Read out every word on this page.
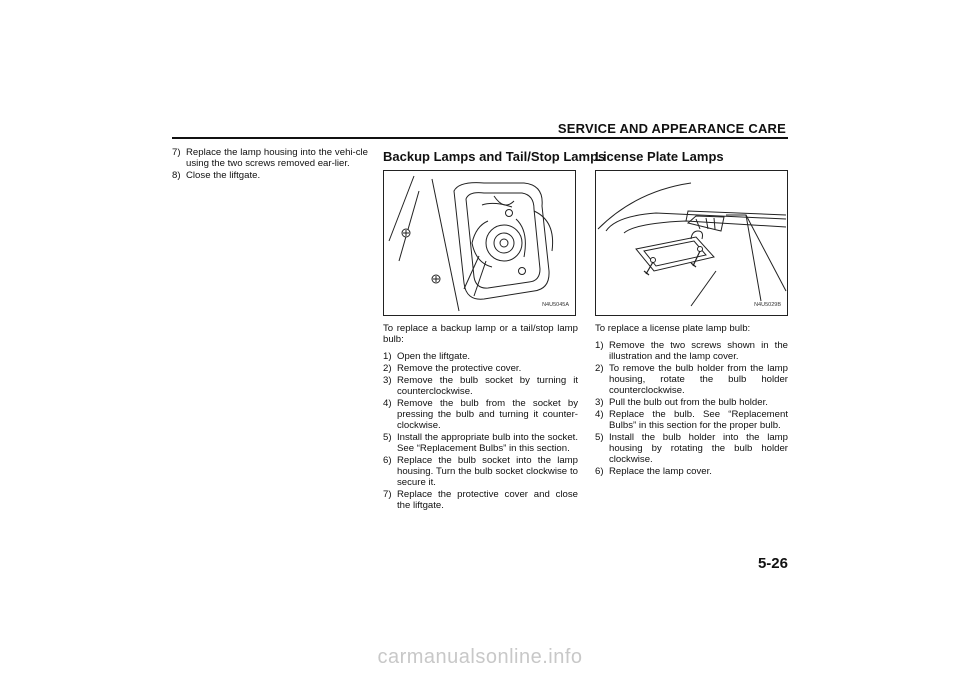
SERVICE AND APPEARANCE CARE
7) Replace the lamp housing into the vehi-cle using the two screws removed ear-lier.
8) Close the liftgate.
Backup Lamps and Tail/Stop Lamps
N4U5045A
To replace a backup lamp or a tail/stop lamp bulb:
1) Open the liftgate.
2) Remove the protective cover.
3) Remove the bulb socket by turning it counterclockwise.
4) Remove the bulb from the socket by pressing the bulb and turning it counter-clockwise.
5) Install the appropriate bulb into the socket. See “Replacement Bulbs” in this section.
6) Replace the bulb socket into the lamp housing. Turn the bulb socket clockwise to secure it.
7) Replace the protective cover and close the liftgate.
License Plate Lamps
N4U5029B
To replace a license plate lamp bulb:
1) Remove the two screws shown in the illustration and the lamp cover.
2) To remove the bulb holder from the lamp housing, rotate the bulb holder counterclockwise.
3) Pull the bulb out from the bulb holder.
4) Replace the bulb. See “Replacement Bulbs” in this section for the proper bulb.
5) Install the bulb holder into the lamp housing by rotating the bulb holder clockwise.
6) Replace the lamp cover.
5-26
carmanualsonline.info
